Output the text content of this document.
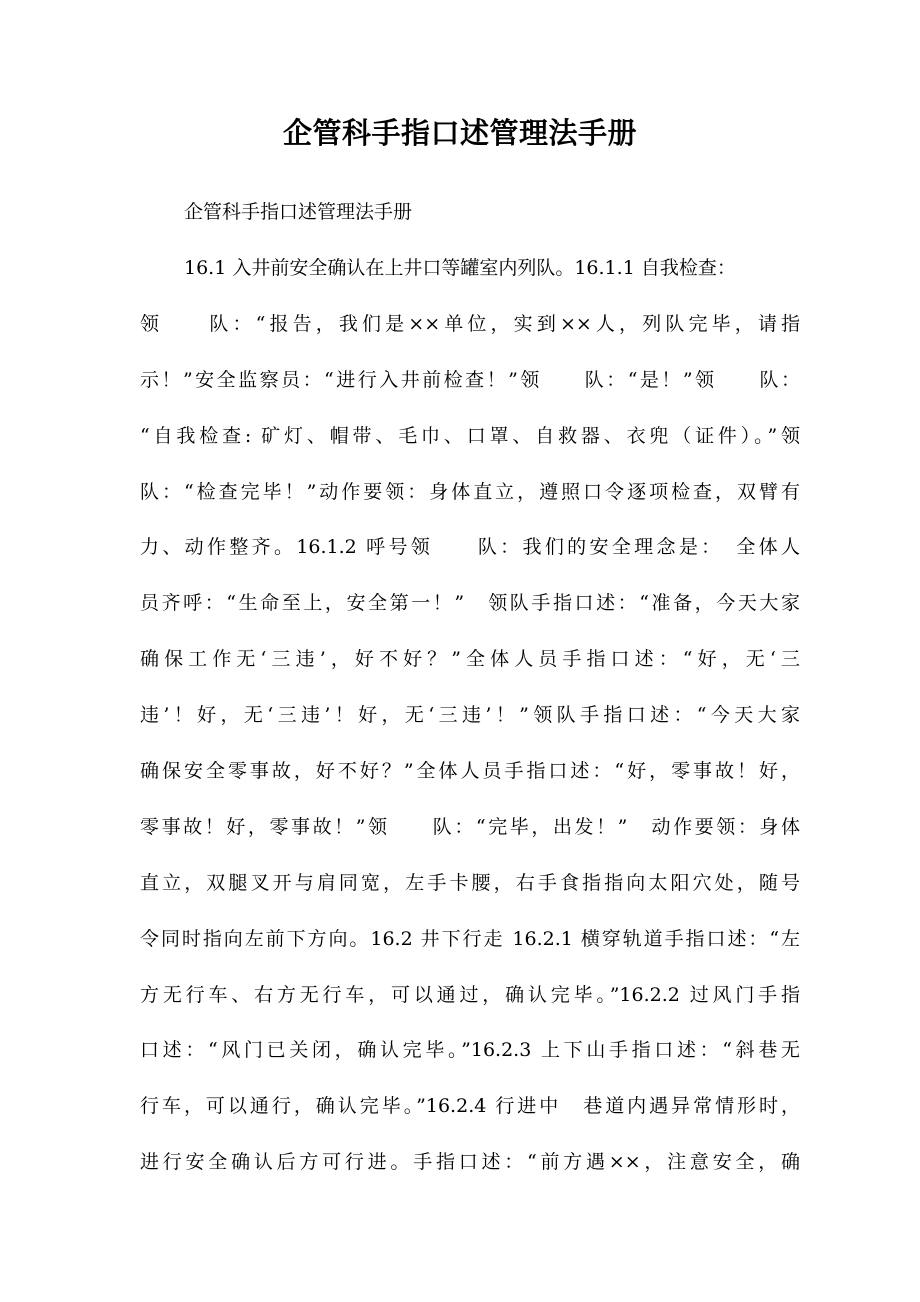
企管科手指口述管理法手册
企管科手指口述管理法手册
16.1 入井前安全确认在上井口等罐室内列队。16.1.1 自我检查：
领　　队：“报告，我们是××单位，实到××人，列队完毕，请指
示！”安全监察员：“进行入井前检查！”领　　队：“是！”领　　队：
“自我检查: 矿灯、帽带、毛巾、口罩、自救器、衣兜（证件）。”领
队：“检查完毕！”动作要领：身体直立，遵照口令逐项检查，双臂有
力、动作整齐。16.1.2 呼号领　　队：我们的安全理念是：　全体人
员齐呼：“生命至上，安全第一！”　领队手指口述：“准备，今天大家
确保工作无‘三违’，好不好？”全体人员手指口述：“好，无‘三
违’！好，无‘三违’！好，无‘三违’！”领队手指口述：“今天大家
确保安全零事故，好不好？”全体人员手指口述：“好，零事故！好，
零事故！好，零事故！”领　　队：“完毕，出发！”　动作要领：身体
直立，双腿叉开与肩同宽，左手卡腰，右手食指指向太阳穴处，随号
令同时指向左前下方向。16.2 井下行走 16.2.1 横穿轨道手指口述：“左
方无行车、右方无行车，可以通过，确认完毕。”16.2.2 过风门手指
口述：“风门已关闭，确认完毕。”16.2.3 上下山手指口述：“斜巷无
行车，可以通行，确认完毕。”16.2.4 行进中　巷道内遇异常情形时，
进行安全确认后方可行进。手指口述：“前方遇××，注意安全，确
